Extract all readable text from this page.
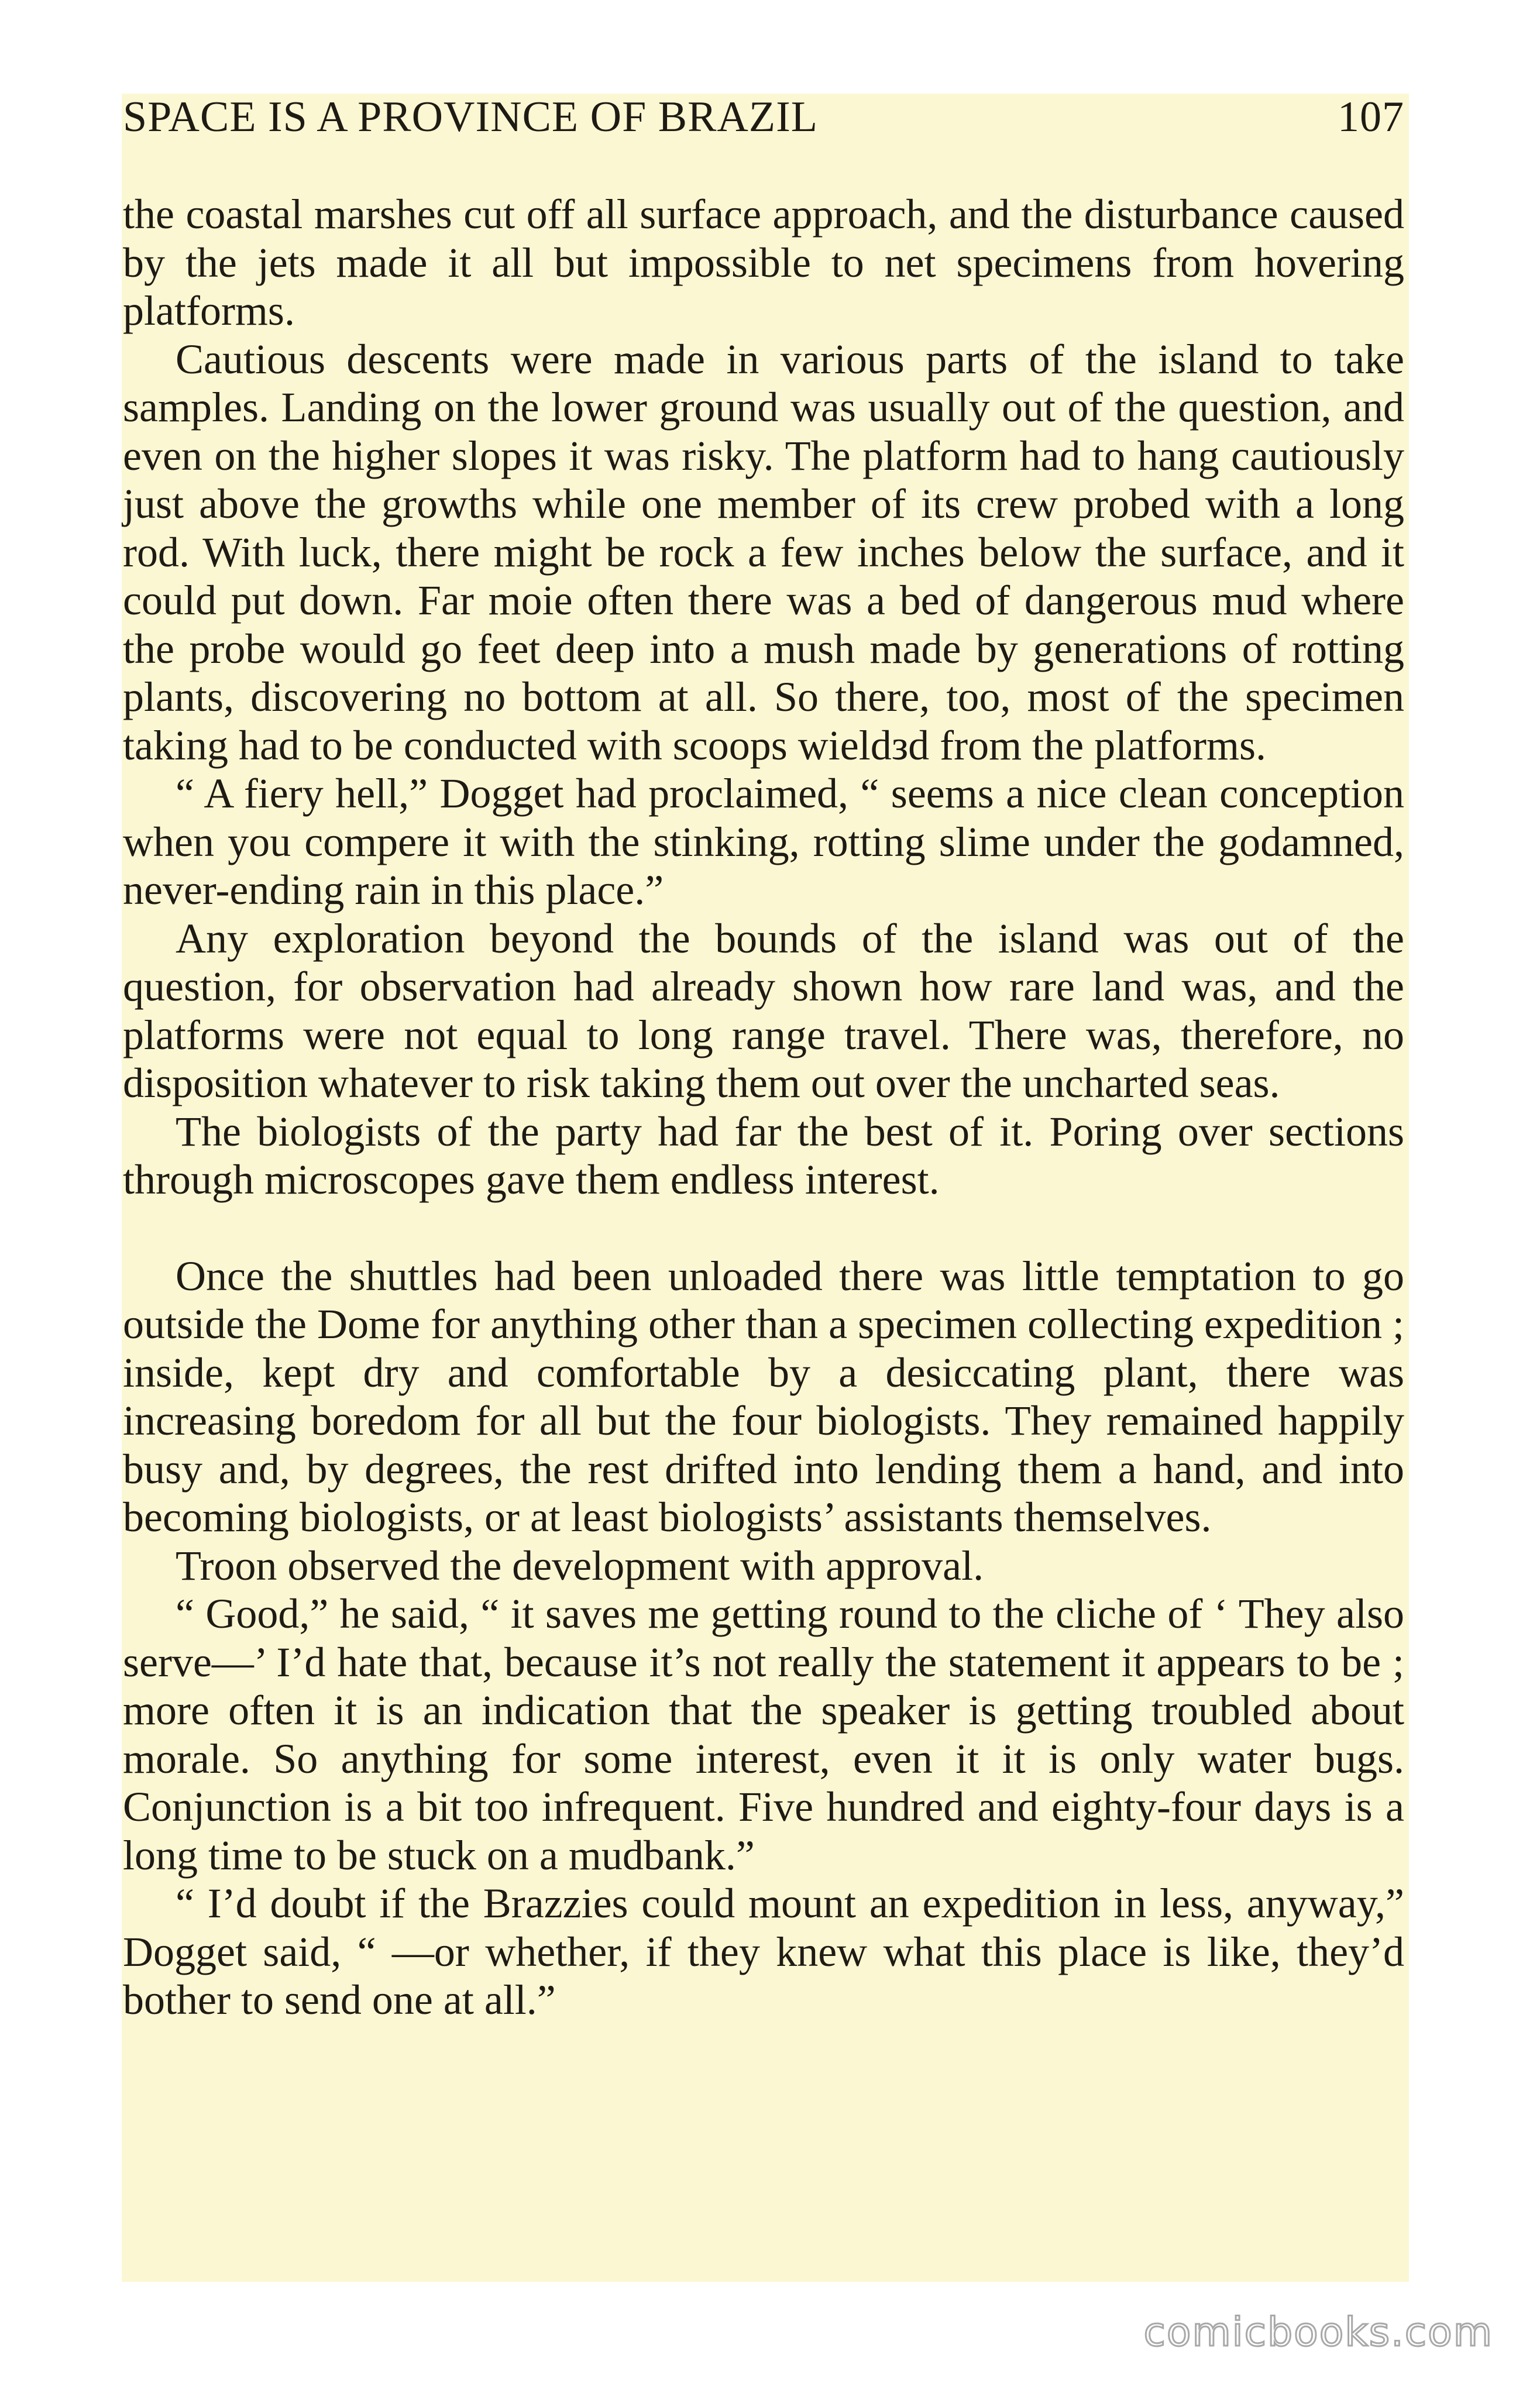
SPACE IS A PROVINCE OF BRAZIL	107

the coastal marshes cut off all surface approach, and the disturbance caused by the jets made it all but impossible to net specimens from hovering platforms.

Cautious descents were made in various parts of the island to take samples. Landing on the lower ground was usually out of the question, and even on the higher slopes it was risky. The platform had to hang cautiously just above the growths while one member of its crew probed with a long rod. With luck, there might be rock a few inches below the surface, and it could put down. Far moie often there was a bed of dangerous mud where the probe would go feet deep into a mush made by generations of rotting plants, discovering no bottom at all. So there, too, most of the specimen taking had to be conducted with scoops wieldзd from the platforms.

“ A fiery hell,” Dogget had proclaimed, “ seems a nice clean conception when you compere it with the stinking, rotting slime under the godamned, never-ending rain in this place.”

Any exploration beyond the bounds of the island was out of the question, for observation had already shown how rare land was, and the platforms were not equal to long range travel. There was, therefore, no disposition whatever to risk taking them out over the uncharted seas.

The biologists of the party had far the best of it. Poring over sections through microscopes gave them endless interest.

Once the shuttles had been unloaded there was little temptation to go outside the Dome for anything other than a specimen collecting expedition ; inside, kept dry and comfortable by a desiccating plant, there was increasing boredom for all but the four biologists. They remained happily busy and, by degrees, the rest drifted into lending them a hand, and into becoming biologists, or at least biologists’ assistants themselves.

Troon observed the development with approval.

“ Good,” he said, “ it saves me getting round to the cliche of ‘ They also serve—’ I’d hate that, because it’s not really the statement it appears to be ; more often it is an indication that the speaker is getting troubled about morale. So anything for some interest, even it it is only water bugs. Conjunction is a bit too infrequent. Five hundred and eighty-four days is a long time to be stuck on a mudbank.”

“ I’d doubt if the Brazzies could mount an expedition in less, anyway,” Dogget said, “ —or whether, if they knew what this place is like, they’d bother to send one at all.”

comicbooks.com
